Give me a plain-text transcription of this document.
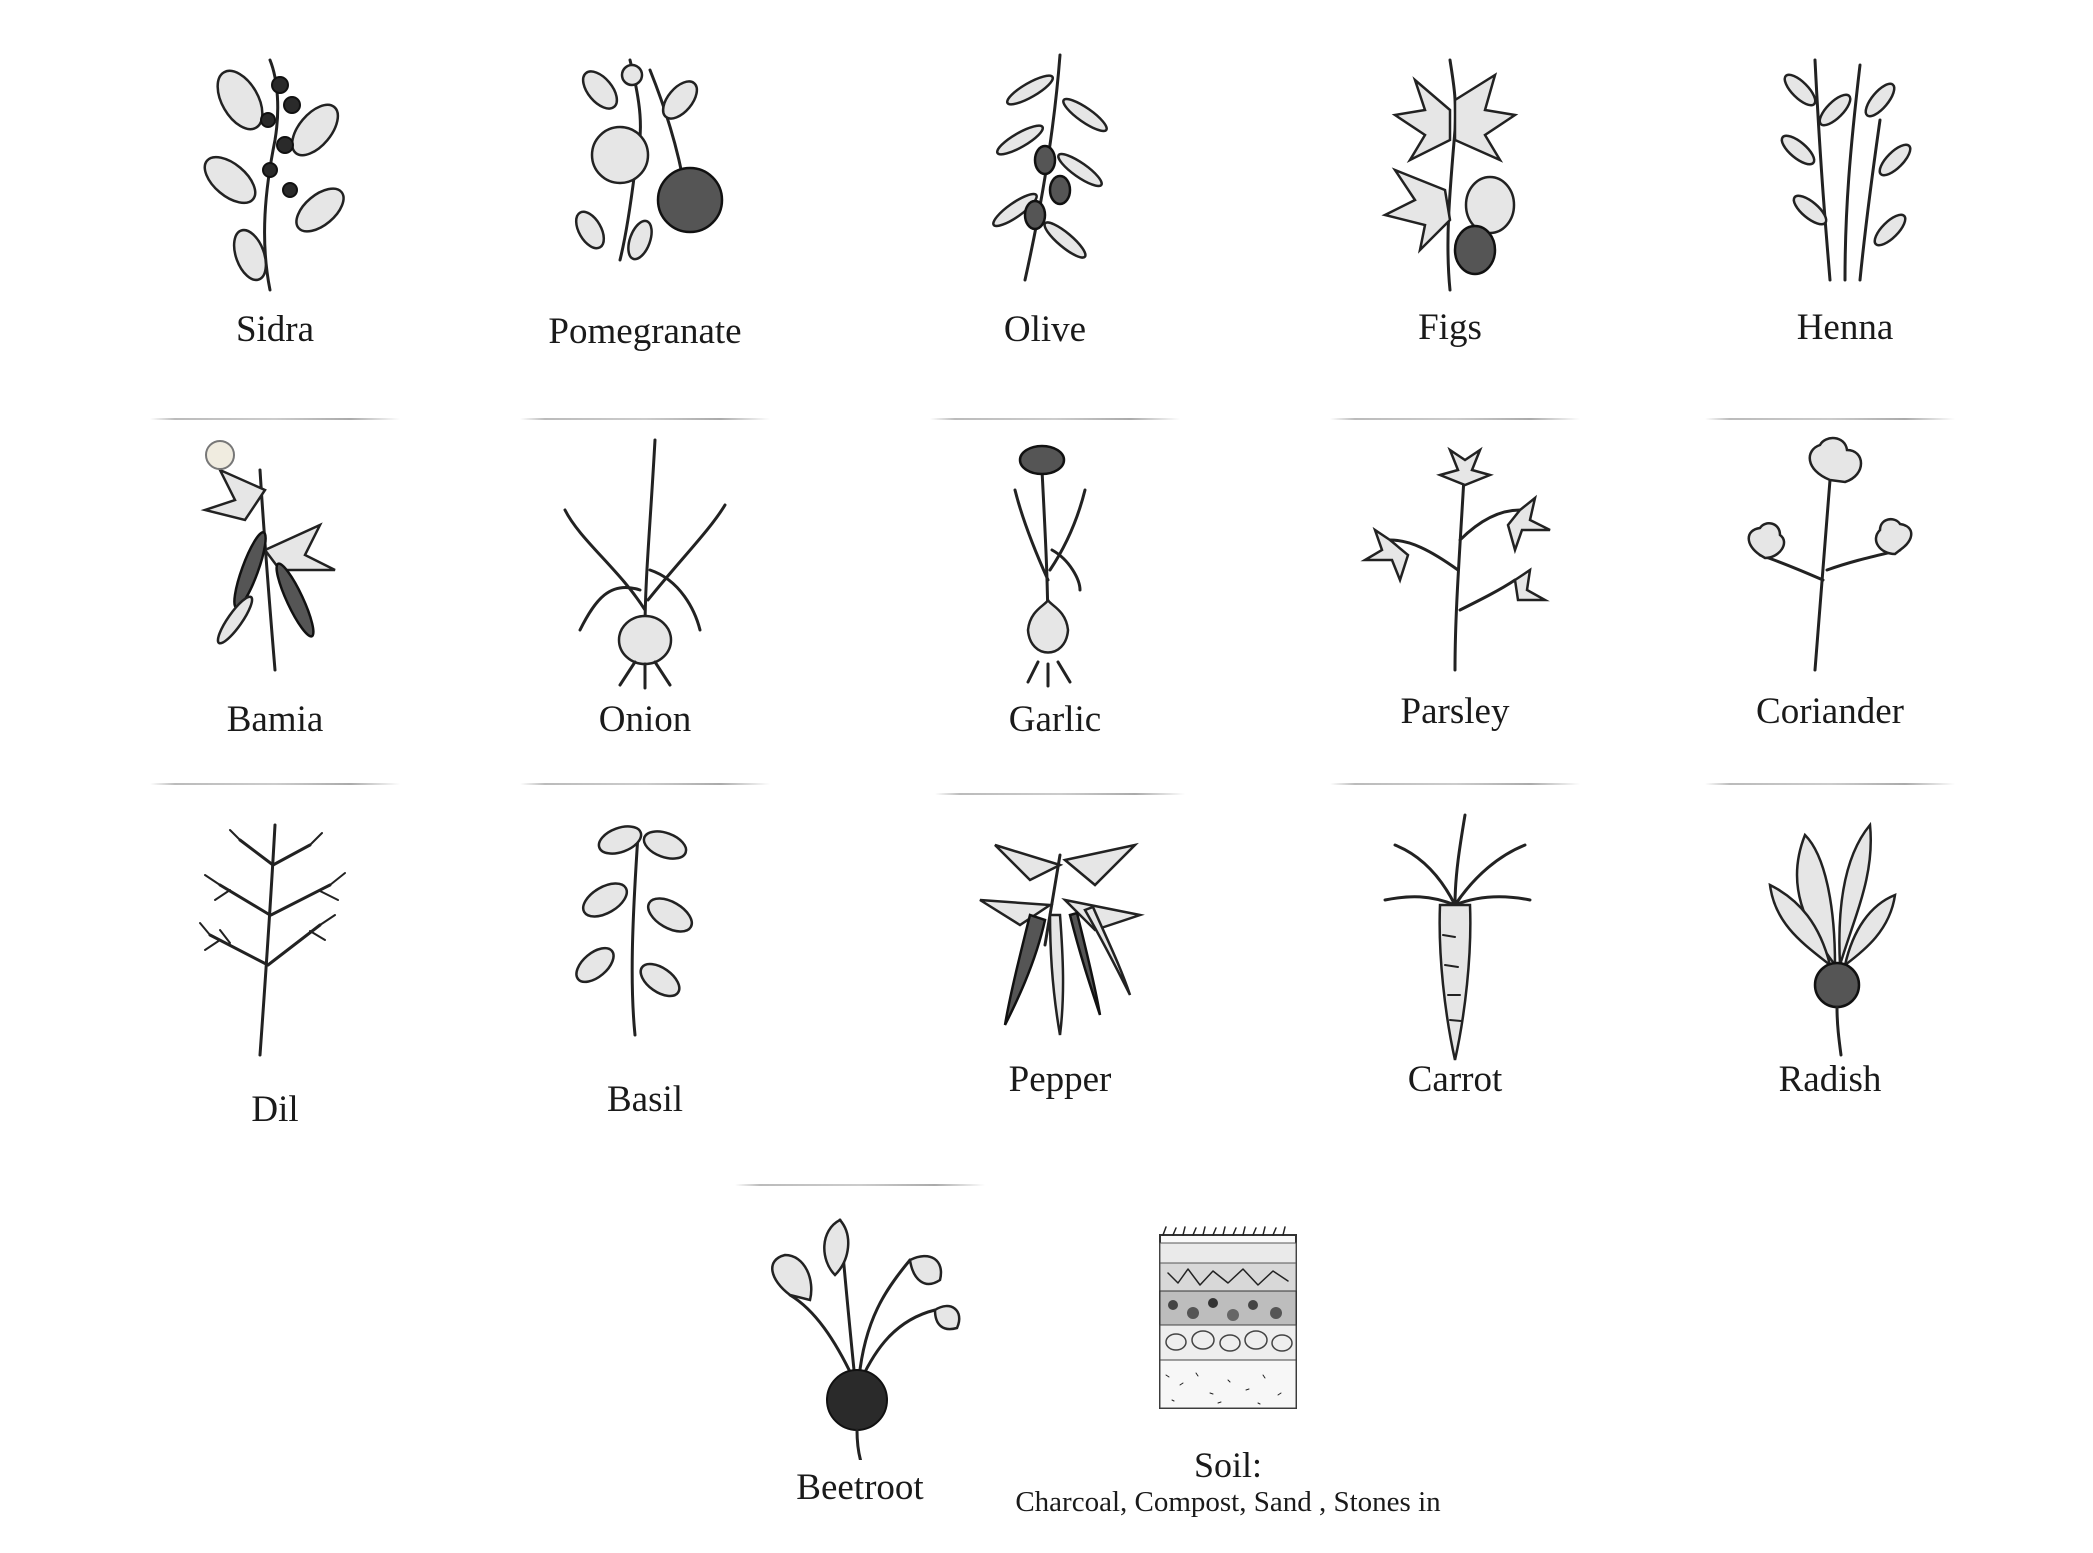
Sidra	Pomegranate	Olive	Figs	Henna
Bamia	Onion	Garlic	Parsley	Coriander
Dil	Basil	Pepper	Carrot	Radish
Beetroot
Soil:
Charcoal, Compost, Sand , Stones in
